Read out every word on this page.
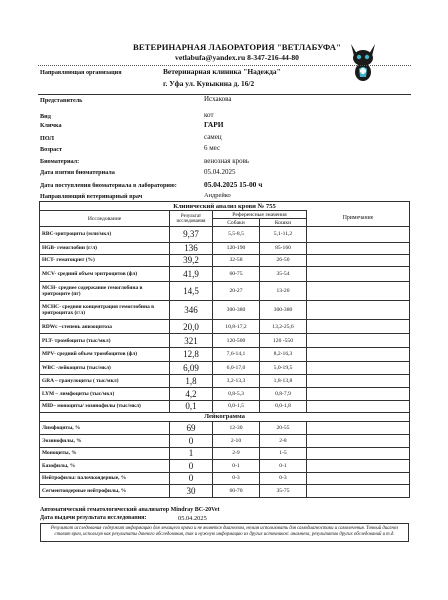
ВЕТЕРИНАРНАЯ ЛАБОРАТОРИЯ "ВЕТЛАБУФА"
vetlabufa@yandex.ru 8-347-216-44-80
Направляющая организация	Ветеринарная клиника "Надежда"
г. Уфа ул. Кувыкина д. 16/2
Представитель	Исхакова
Вид	кот
Кличка	ГАРИ
ПОЛ	самец
Возраст	6 мес
Биоматериал:	венозная кровь
Дата взятия биоматериала	05.04.2025
Дата поступления биоматериала в лабораторию:	05.04.2025 15-00 ч
Направляющий ветеринарный врач	Андрейко
Клинический анализ крови № 755				
Исследование	Результат исследования	Референсные значения		Примечание
		Собаки	Кошки	
RBC-эритроциты (млн/мкл)	9,37	5,5-8,5	5,1-11,2	
HGB- гемоглобин (г/л)	136	120-190	85-160	
HCT- гематокрит (%)	39,2	32-58	26-50	
MCV- средний объем эритроцитов (фл)	41,9	60-75	35-54	
MCH- среднее содержание гемоглобина в эритроците (пг)	14,5	20-27	13-20	
MCHC- средняя концентрация гемоглобина в эритроцитах (г/л)	346	300-380	300-380	
RDWc –степень анизоцитоза	20,0	10,8-17,2	13,2-25,6	
PLT- тромбоциты (тыс/мкл)	321	120-500	120 -550	
MPV- средний объем тромбоцитов (фл)	12,8	7,6-14,1	8,2-16,3	
WBC -лейкоциты (тыс/мкл)	6,09	6,0-17,0	5,0-19,5	
GRA – гранулоциты ( тыс/мкл)	1,8	3,2-13,3	1,8-13,8	
LYM – лимфоциты (тыс/мкл)	4,2	0,8-5,3	0,8-7,9	
MID– моноциты/ эозинофилы (тыс/мкл)	0,1	0,0-1,5	0,0-1,8	
Лейкограмма				
Лимфоциты, %	69	12-30	20-55	
Эозинофилы, %	0	2-10	2-8	
Моноциты, %	1	2-9	1-5	
Базофилы, %	0	0-1	0-1	
Нейтрофилы: палочкоядерные, %	0	0-3	0-3	
Сегментоядерные нейтрофилы, %	30	60-70	35-75	
Автоматический гематологический анализатор Mindray BC-20Vet
Дата выдачи результата исследования:	05.04.2025
Результат исследования содержит информацию для лечащего врача и не является диагнозом, нельзя использовать для самодиагностики и самолечения. Точный диагноз ставит врач, используя как результаты данного обследования, так и нужную информацию из других источников: анамнеза, результатов других обследований и т.д.
